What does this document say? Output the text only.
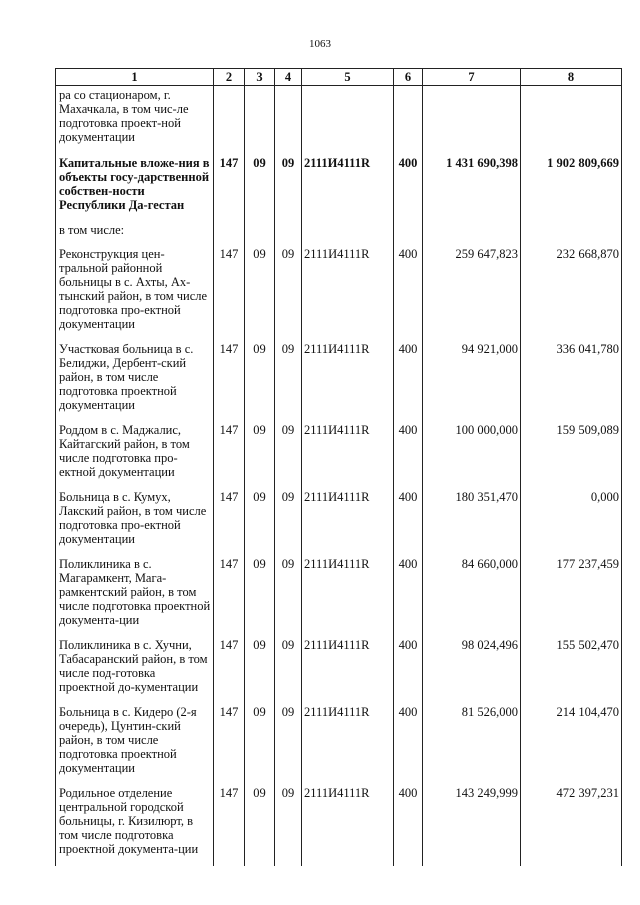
1063
1	2	3	4	5	6	7	8
ра со стационаром, г. Махачкала, в том чис-ле подготовка проект-ной документации							
Капитальные вложе-ния в объекты госу-дарственной собствен-ности Республики Да-гестан	147	09	09	2111И4111R	400	1 431 690,398	1 902 809,669
в том числе:							
Реконструкция цен-тральной районной больницы в с. Ахты, Ах-тынский район, в том числе подготовка про-ектной документации	147	09	09	2111И4111R	400	259 647,823	232 668,870
Участковая больница в с. Белиджи, Дербент-ский район, в том числе подготовка проектной документации	147	09	09	2111И4111R	400	94 921,000	336 041,780
Роддом в с. Маджалис, Кайтагский район, в том числе подготовка про-ектной документации	147	09	09	2111И4111R	400	100 000,000	159 509,089
Больница в с. Кумух, Лакский район, в том числе подготовка про-ектной документации	147	09	09	2111И4111R	400	180 351,470	0,000
Поликлиника в с. Магарамкент, Мага-рамкентский район, в том числе подготовка проектной документа-ции	147	09	09	2111И4111R	400	84 660,000	177 237,459
Поликлиника в с. Хучни, Табасаранский район, в том числе под-готовка проектной до-кументации	147	09	09	2111И4111R	400	98 024,496	155 502,470
Больница в с. Кидеро (2-я очередь), Цунтин-ский район, в том числе подготовка проектной документации	147	09	09	2111И4111R	400	81 526,000	214 104,470
Родильное отделение центральной городской больницы, г. Кизилюрт, в том числе подготовка проектной документа-ции	147	09	09	2111И4111R	400	143 249,999	472 397,231
